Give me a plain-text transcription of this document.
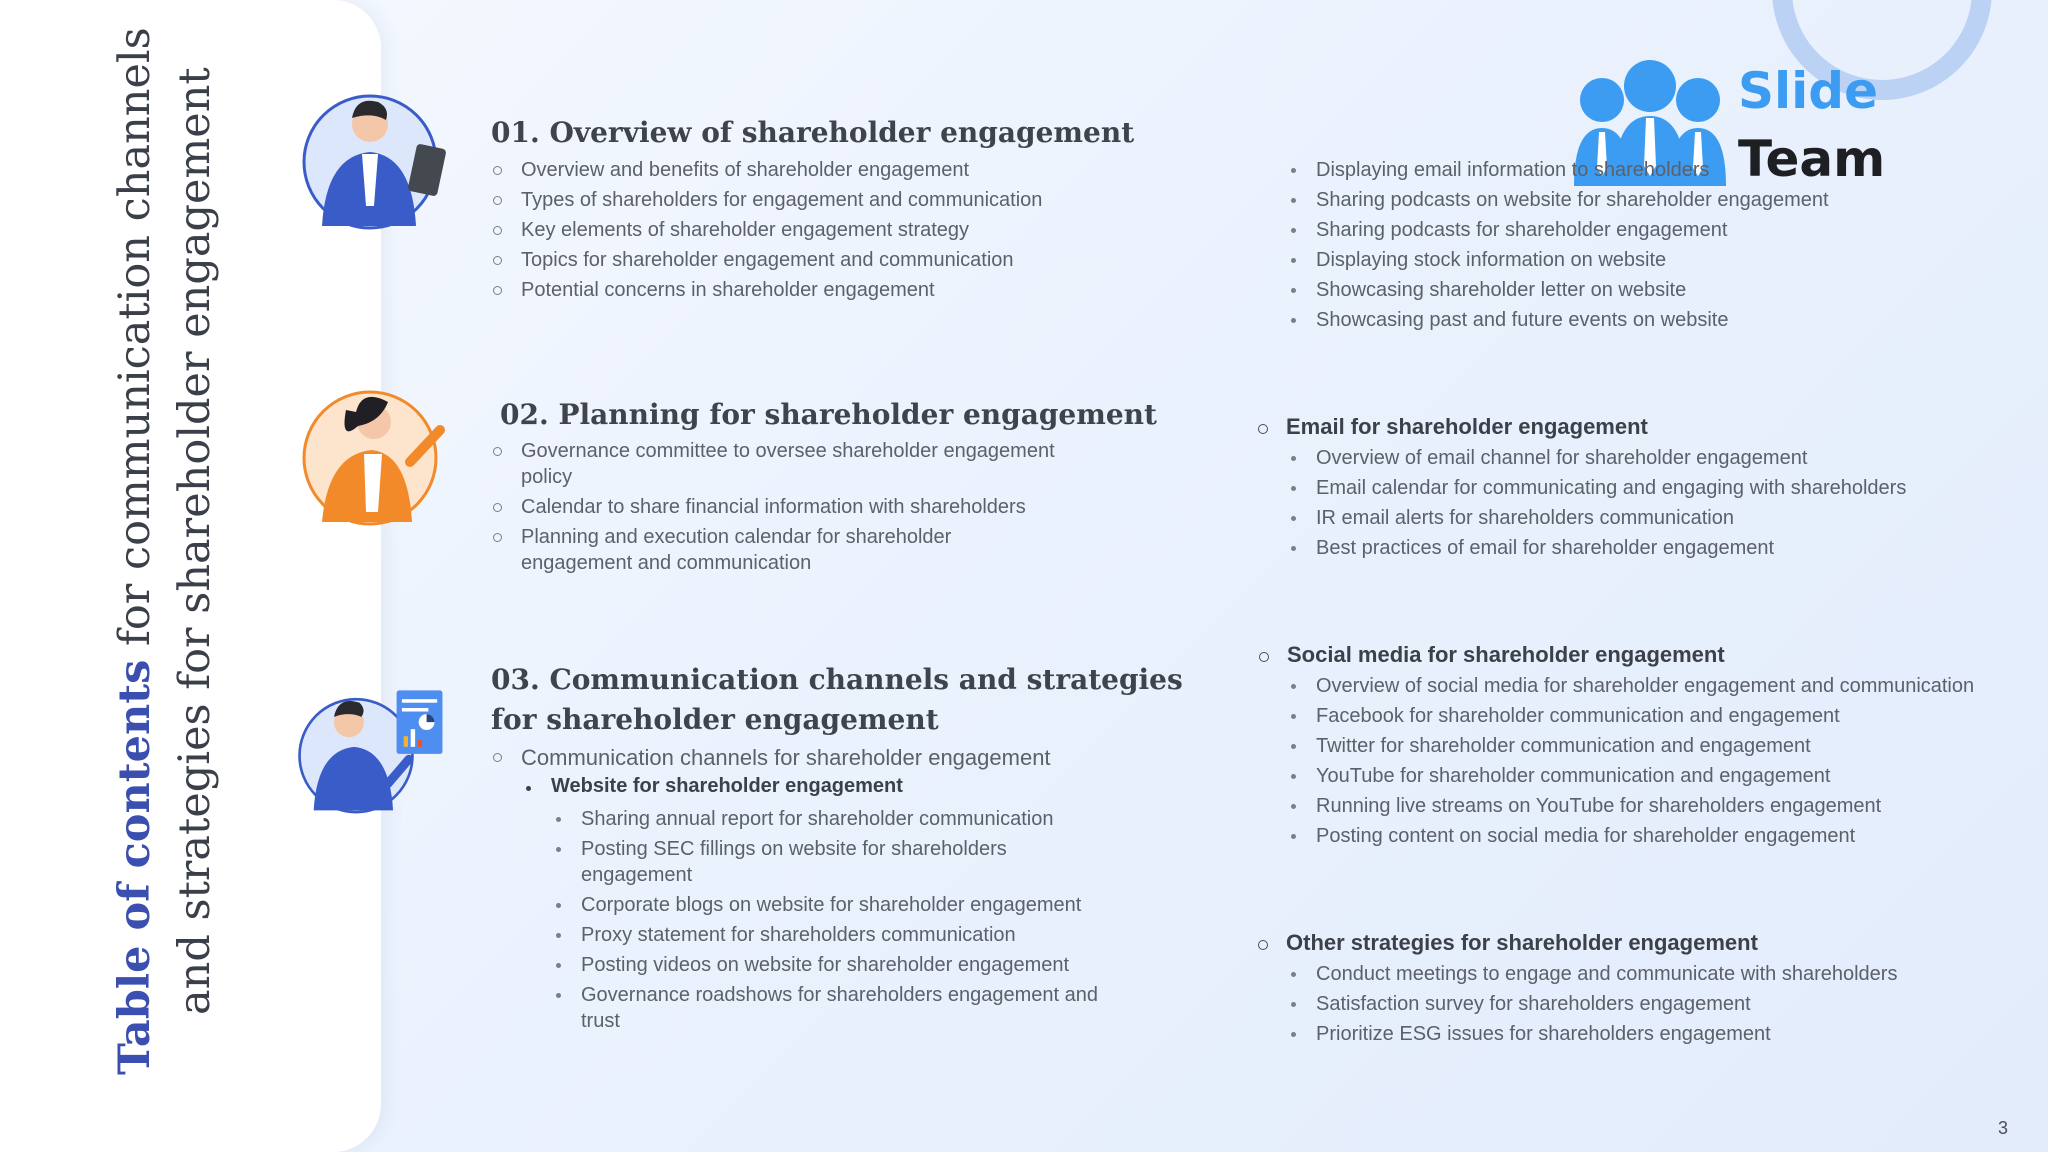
Table of contents for communication channels and strategies for shareholder engagement	Slide
Team
01. Overview of shareholder engagement
Overview and benefits of shareholder engagement
Types of shareholders for engagement and communication
Key elements of shareholder engagement strategy
Topics for shareholder engagement and communication
Potential concerns in shareholder engagement
02. Planning for shareholder engagement
Governance committee to oversee shareholder engagement policy
Calendar to share financial information with shareholders
Planning and execution calendar for shareholder engagement and communication
03. Communication channels and strategies for shareholder engagement
Communication channels for shareholder engagement
Website for shareholder engagement
Sharing annual report for shareholder communication
Posting SEC fillings on website for shareholders engagement
Corporate blogs on website for shareholder engagement
Proxy statement for shareholders communication
Posting videos on website for shareholder engagement
Governance roadshows for shareholders engagement and trust
Displaying email information to shareholders
Sharing podcasts on website for shareholder engagement
Sharing podcasts for shareholder engagement
Displaying stock information on website
Showcasing shareholder letter on website
Showcasing past and future events on website
Email for shareholder engagement
Overview of email channel for shareholder engagement
Email calendar for communicating and engaging with shareholders
IR email alerts for shareholders communication
Best practices of email for shareholder engagement
Social media for shareholder engagement
Overview of social media for shareholder engagement and communication
Facebook for shareholder communication and engagement
Twitter for shareholder communication and engagement
YouTube for shareholder communication and engagement
Running live streams on YouTube for shareholders engagement
Posting content on social media for shareholder engagement
Other strategies for shareholder engagement
Conduct meetings to engage and communicate with shareholders
Satisfaction survey for shareholders engagement
Prioritize ESG issues for shareholders engagement
3
